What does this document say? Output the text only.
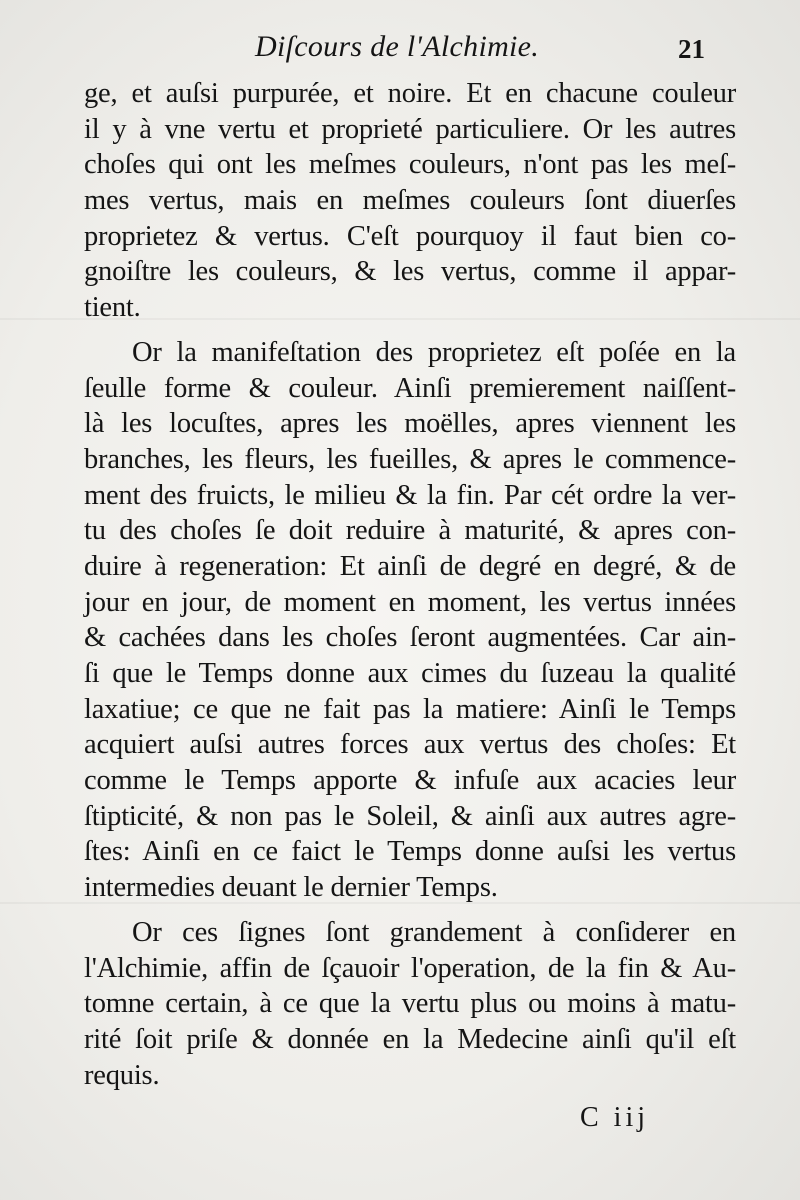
Diſcours de l'Alchimie.	21
ge, et auſsi purpurée, et noire. Et en chacune couleur
il y à vne vertu et proprieté particuliere. Or les autres
choſes qui ont les meſmes couleurs, n'ont pas les meſ-
mes vertus, mais en meſmes couleurs ſont diuerſes
proprietez & vertus. C'eſt pourquoy il faut bien co-
gnoiſtre les couleurs, & les vertus, comme il appar-
tient.
Or la manifeſtation des proprietez eſt poſée en la
ſeulle forme & couleur. Ainſi premierement naiſſent-
là les locuſtes, apres les moëlles, apres viennent les
branches, les fleurs, les fueilles, & apres le commence-
ment des fruicts, le milieu & la fin. Par cét ordre la ver-
tu des choſes ſe doit reduire à maturité, & apres con-
duire à regeneration: Et ainſi de degré en degré, & de
jour en jour, de moment en moment, les vertus innées
& cachées dans les choſes ſeront augmentées. Car ain-
ſi que le Temps donne aux cimes du ſuzeau la qualité
laxatiue; ce que ne fait pas la matiere: Ainſi le Temps
acquiert auſsi autres forces aux vertus des choſes: Et
comme le Temps apporte & infuſe aux acacies leur
ſtipticité, & non pas le Soleil, & ainſi aux autres agre-
ſtes: Ainſi en ce faict le Temps donne auſsi les vertus
intermedies deuant le dernier Temps.
Or ces ſignes ſont grandement à conſiderer en
l'Alchimie, affin de ſçauoir l'operation, de la fin & Au-
tomne certain, à ce que la vertu plus ou moins à matu-
rité ſoit priſe & donnée en la Medecine ainſi qu'il eſt
requis.
C iij
